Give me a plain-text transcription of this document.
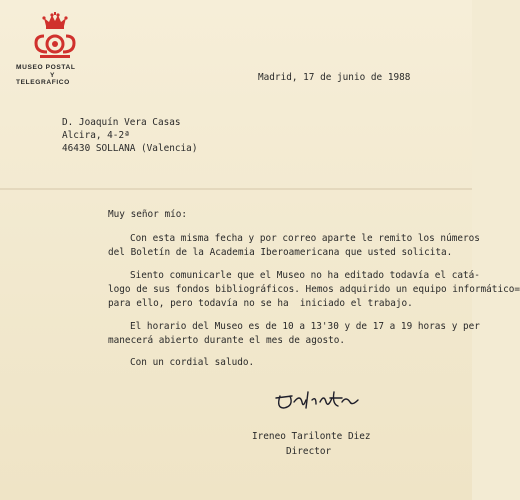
MUSEO POSTAL
Y
TELEGRAFICO	Madrid, 17 de junio de 1988
D. Joaquín Vera Casas
Alcira, 4-2ª
46430 SOLLANA (Valencia)
Muy señor mío:
Con esta misma fecha y por correo aparte le remito los números
del Boletín de la Academia Iberoamericana que usted solicita.
Siento comunicarle que el Museo no ha editado todavía el catá-
logo de sus fondos bibliográficos. Hemos adquirido un equipo informático=
para ello, pero todavía no se ha  iniciado el trabajo.
El horario del Museo es de 10 a 13'30 y de 17 a 19 horas y per
manecerá abierto durante el mes de agosto.
Con un cordial saludo.
Ireneo Tarilonte Diez
Director
